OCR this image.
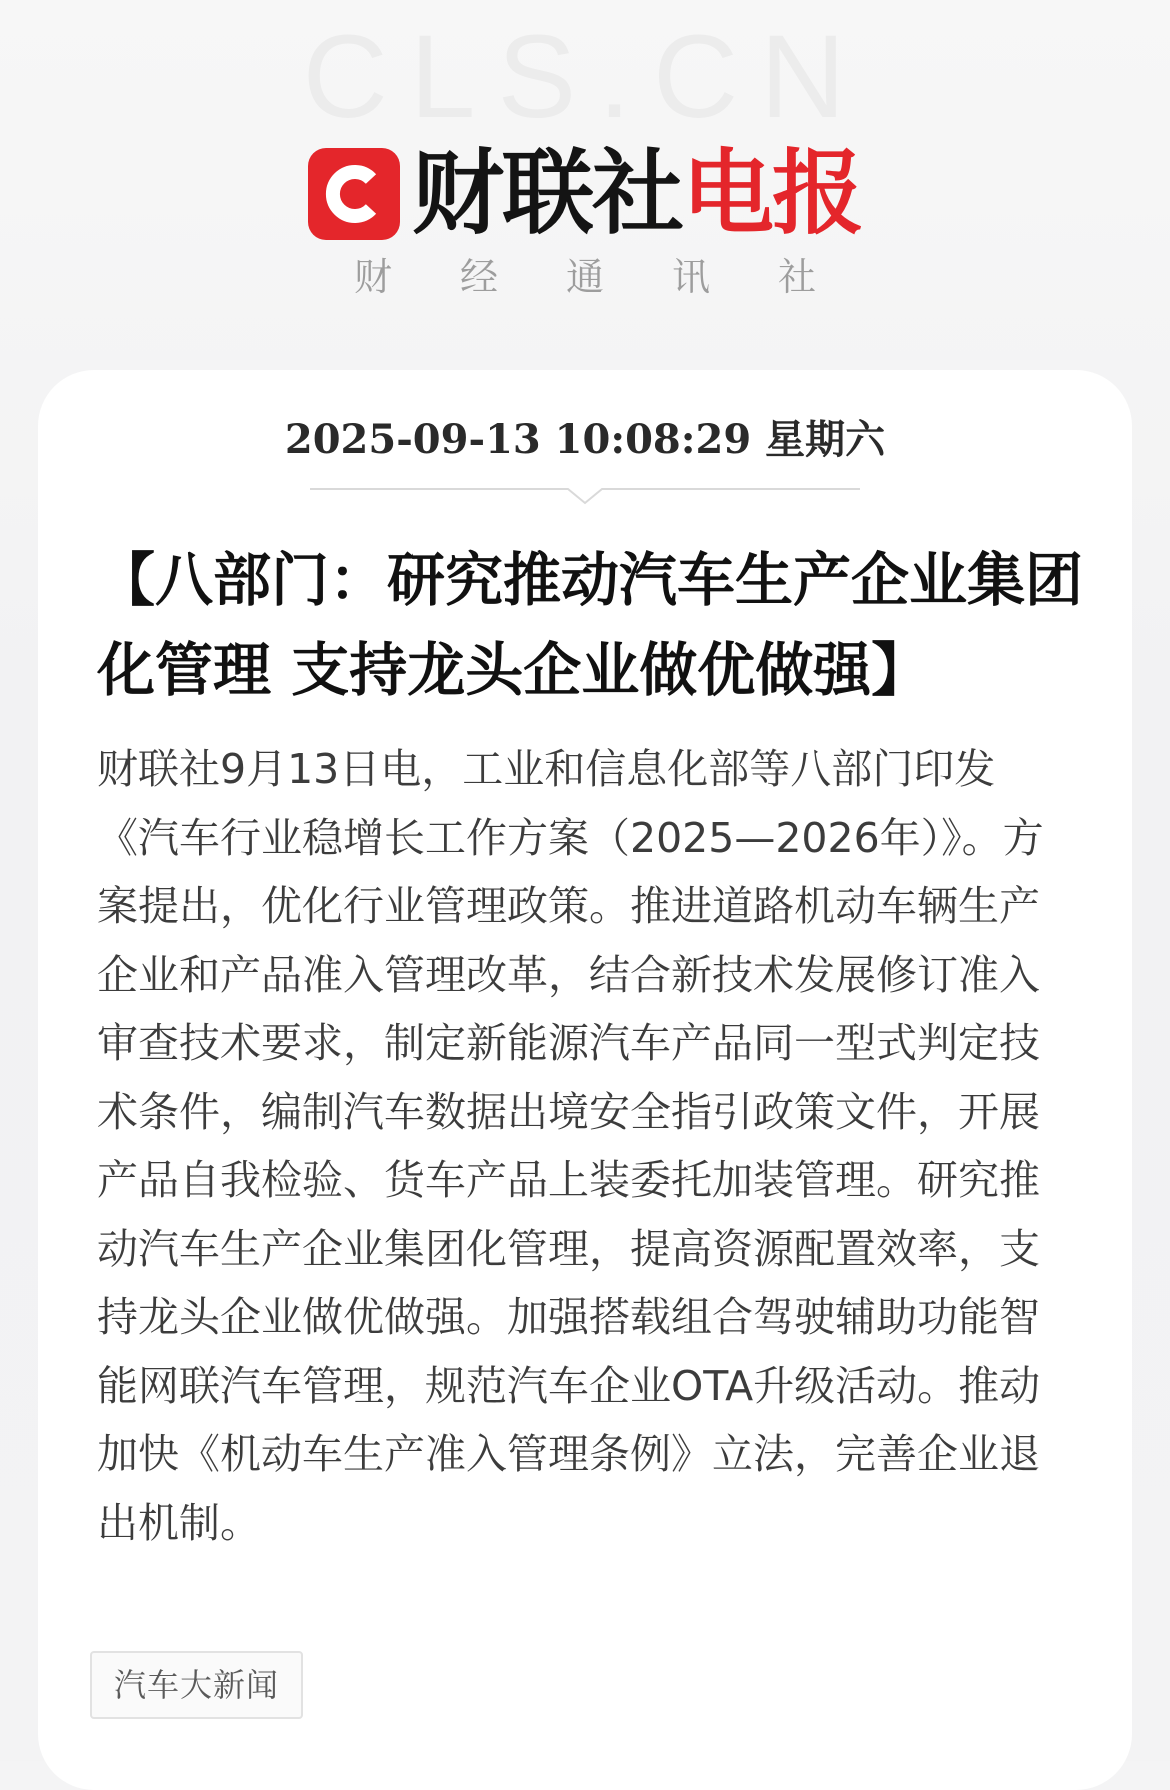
CLS.CN
财联社电报
财经通讯社
2025-09-13 10:08:29 星期六
【八部门：研究推动汽车生产企业集团化管理 支持龙头企业做优做强】

财联社9月13日电，工业和信息化部等八部门印发《汽车行业稳增长工作方案（2025—2026年）》。方案提出，优化行业管理政策。推进道路机动车辆生产企业和产品准入管理改革，结合新技术发展修订准入审查技术要求，制定新能源汽车产品同一型式判定技术条件，编制汽车数据出境安全指引政策文件，开展产品自我检验、货车产品上装委托加装管理。研究推动汽车生产企业集团化管理，提高资源配置效率，支持龙头企业做优做强。加强搭载组合驾驶辅助功能智能网联汽车管理，规范汽车企业OTA升级活动。推动加快《机动车生产准入管理条例》立法，完善企业退出机制。

汽车大新闻
